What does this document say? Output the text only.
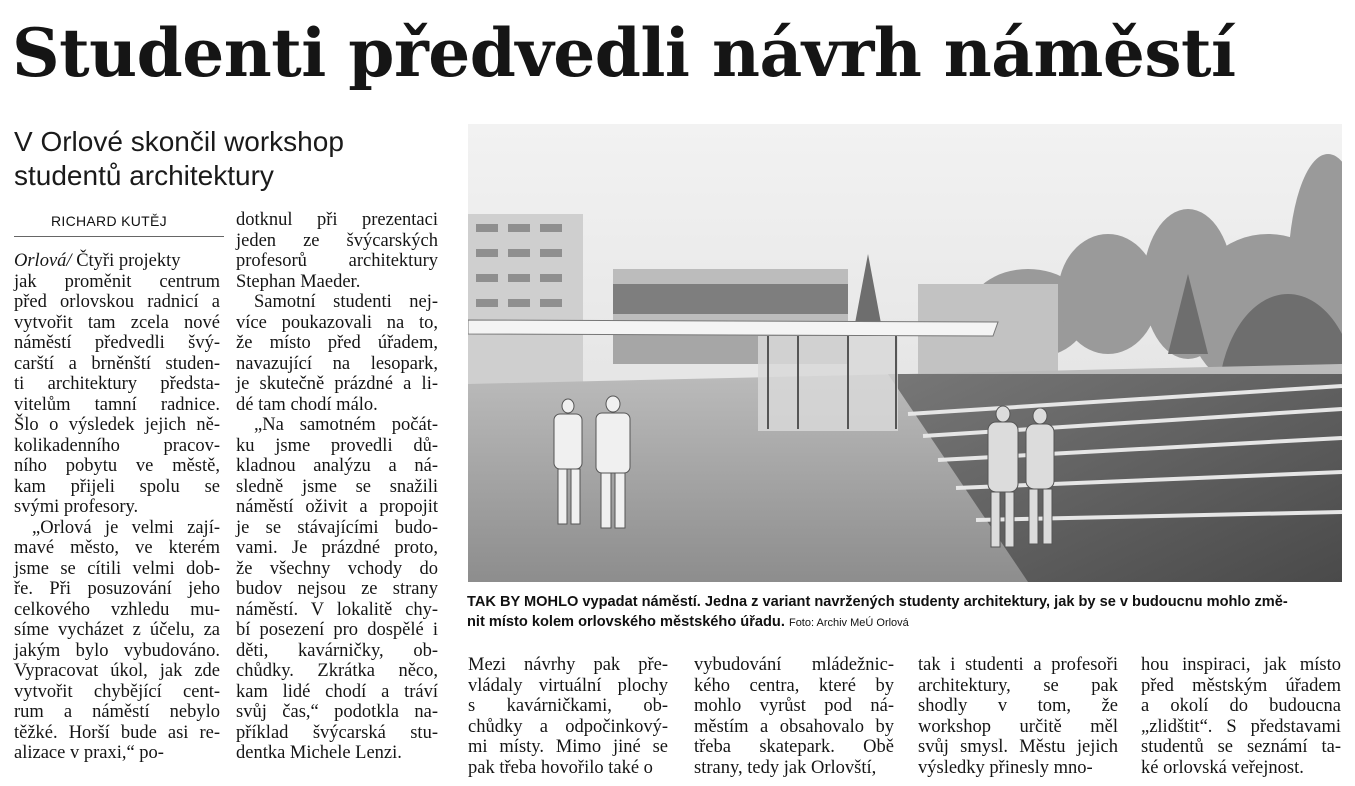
Studenti předvedli návrh náměstí
V Orlové skončil workshop
studentů architektury
RICHARD KUTĚJ
Orlová/ Čtyři projekty
jak proměnit centrum
před orlovskou radnicí a
vytvořit tam zcela nové
náměstí předvedli švý-
carští a brněnští studen-
ti architektury předsta-
vitelům tamní radnice.
Šlo o výsledek jejich ně-
kolikadenního pracov-
ního pobytu ve městě,
kam přijeli spolu se
svými profesory.
„Orlová je velmi zají-
mavé město, ve kterém
jsme se cítili velmi dob-
ře. Při posuzování jeho
celkového vzhledu mu-
síme vycházet z účelu, za
jakým bylo vybudováno.
Vypracovat úkol, jak zde
vytvořit chybějící cent-
rum a náměstí nebylo
těžké. Horší bude asi re-
alizace v praxi,“ po-
dotknul při prezentaci
jeden ze švýcarských
profesorů architektury
Stephan Maeder.
Samotní studenti nej-
více poukazovali na to,
že místo před úřadem,
navazující na lesopark,
je skutečně prázdné a li-
dé tam chodí málo.
„Na samotném počát-
ku jsme provedli dů-
kladnou analýzu a ná-
sledně jsme se snažili
náměstí oživit a propojit
je se stávajícími budo-
vami. Je prázdné proto,
že všechny vchody do
budov nejsou ze strany
náměstí. V lokalitě chy-
bí posezení pro dospělé i
děti, kavárničky, ob-
chůdky. Zkrátka něco,
kam lidé chodí a tráví
svůj čas,“ podotkla na-
příklad švýcarská stu-
dentka Michele Lenzi.
TAK BY MOHLO vypadat náměstí. Jedna z variant navržených studenty architektury, jak by se v budoucnu mohlo změ-
nit místo kolem orlovského městského úřadu. Foto: Archiv MeÚ Orlová
Mezi návrhy pak pře-
vládaly virtuální plochy
s kavárničkami, ob-
chůdky a odpočinkový-
mi místy. Mimo jiné se
pak třeba hovořilo také o
vybudování mládežnic-
kého centra, které by
mohlo vyrůst pod ná-
městím a obsahovalo by
třeba skatepark. Obě
strany, tedy jak Orlovští,
tak i studenti a profesoři
architektury, se pak
shodly v tom, že
workshop určitě měl
svůj smysl. Městu jejich
výsledky přinesly mno-
hou inspiraci, jak místo
před městským úřadem
a okolí do budoucna
„zlidštit“. S představami
studentů se seznámí ta-
ké orlovská veřejnost.
